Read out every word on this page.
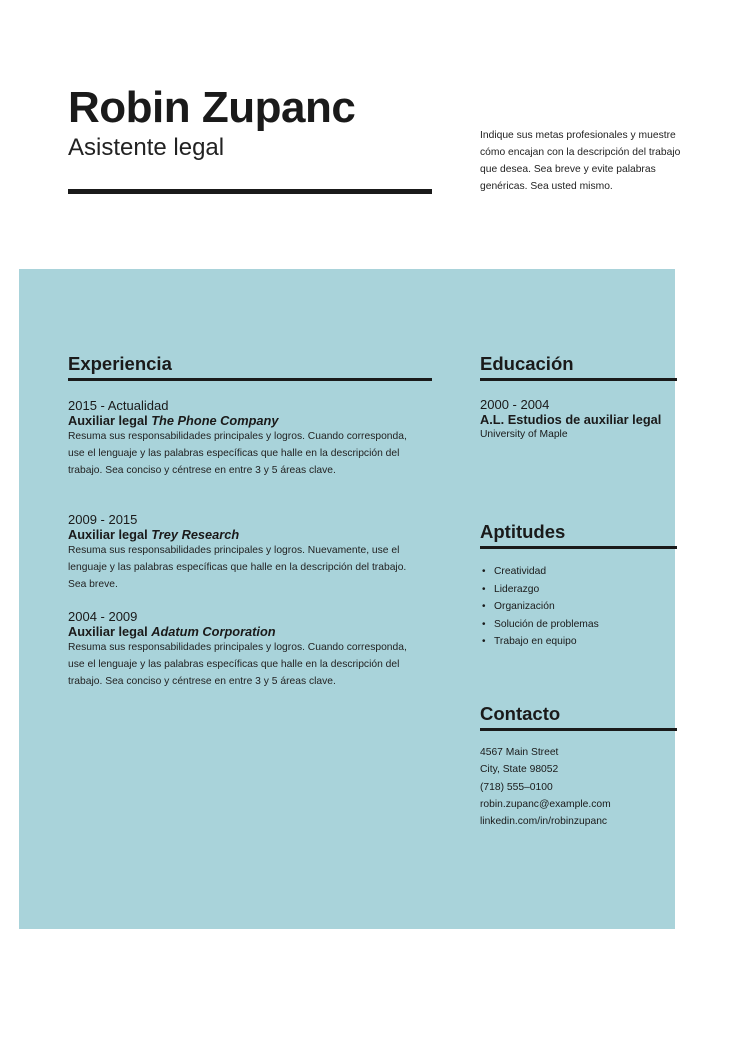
Robin Zupanc

Asistente legal	Indique sus metas profesionales y muestre cómo encajan con la descripción del trabajo que desea. Sea breve y evite palabras genéricas. Sea usted mismo.

Experiencia

2015 - Actualidad

Auxiliar legal The Phone Company

Resuma sus responsabilidades principales y logros. Cuando corresponda, use el lenguaje y las palabras específicas que halle en la descripción del trabajo. Sea conciso y céntrese en entre 3 y 5 áreas clave.

2009 - 2015

Auxiliar legal Trey Research

Resuma sus responsabilidades principales y logros. Nuevamente, use el lenguaje y las palabras específicas que halle en la descripción del trabajo. Sea breve.

2004 - 2009

Auxiliar legal Adatum Corporation

Resuma sus responsabilidades principales y logros. Cuando corresponda, use el lenguaje y las palabras específicas que halle en la descripción del trabajo. Sea conciso y céntrese en entre 3 y 5 áreas clave.

Educación

2000 - 2004

A.L. Estudios de auxiliar legal

University of Maple

Aptitudes
• Creatividad
• Liderazgo
• Organización
• Solución de problemas
• Trabajo en equipo
Contacto

4567 Main Street

City, State 98052

(718) 555–0100

robin.zupanc@example.com

linkedin.com/in/robinzupanc
